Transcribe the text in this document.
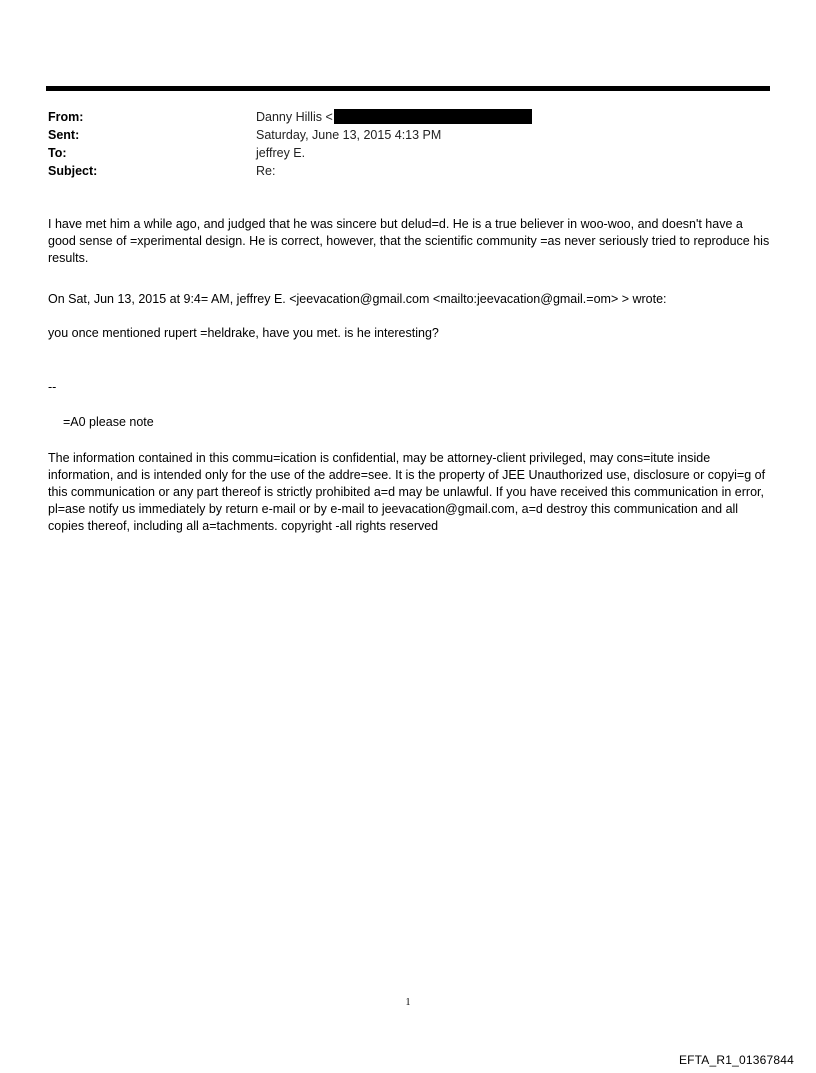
From:	Danny Hillis <
Sent:	Saturday, June 13, 2015 4:13 PM
To:	jeffrey E.
Subject:	Re:
I have met him a while ago, and judged that he was sincere but delud=d. He is a true believer in woo-woo, and doesn't have a good sense of =xperimental design. He is correct, however, that the scientific community =as never seriously tried to reproduce his results.
On Sat, Jun 13, 2015 at 9:4= AM, jeffrey E. <jeevacation@gmail.com <mailto:jeevacation@gmail.=om> > wrote:
you once mentioned rupert =heldrake, have you met. is he interesting?
--
=A0 please note
The information contained in this commu=ication is confidential, may be attorney-client privileged, may cons=itute inside information, and is intended only for the use of the addre=see. It is the property of JEE Unauthorized use, disclosure or copyi=g of this communication or any part thereof is strictly prohibited a=d may be unlawful. If you have received this communication in error, pl=ase notify us immediately by return e-mail or by e-mail to jeevacation@gmail.com, a=d destroy this communication and all copies thereof, including all a=tachments. copyright -all rights reserved
1
EFTA_R1_01367844
